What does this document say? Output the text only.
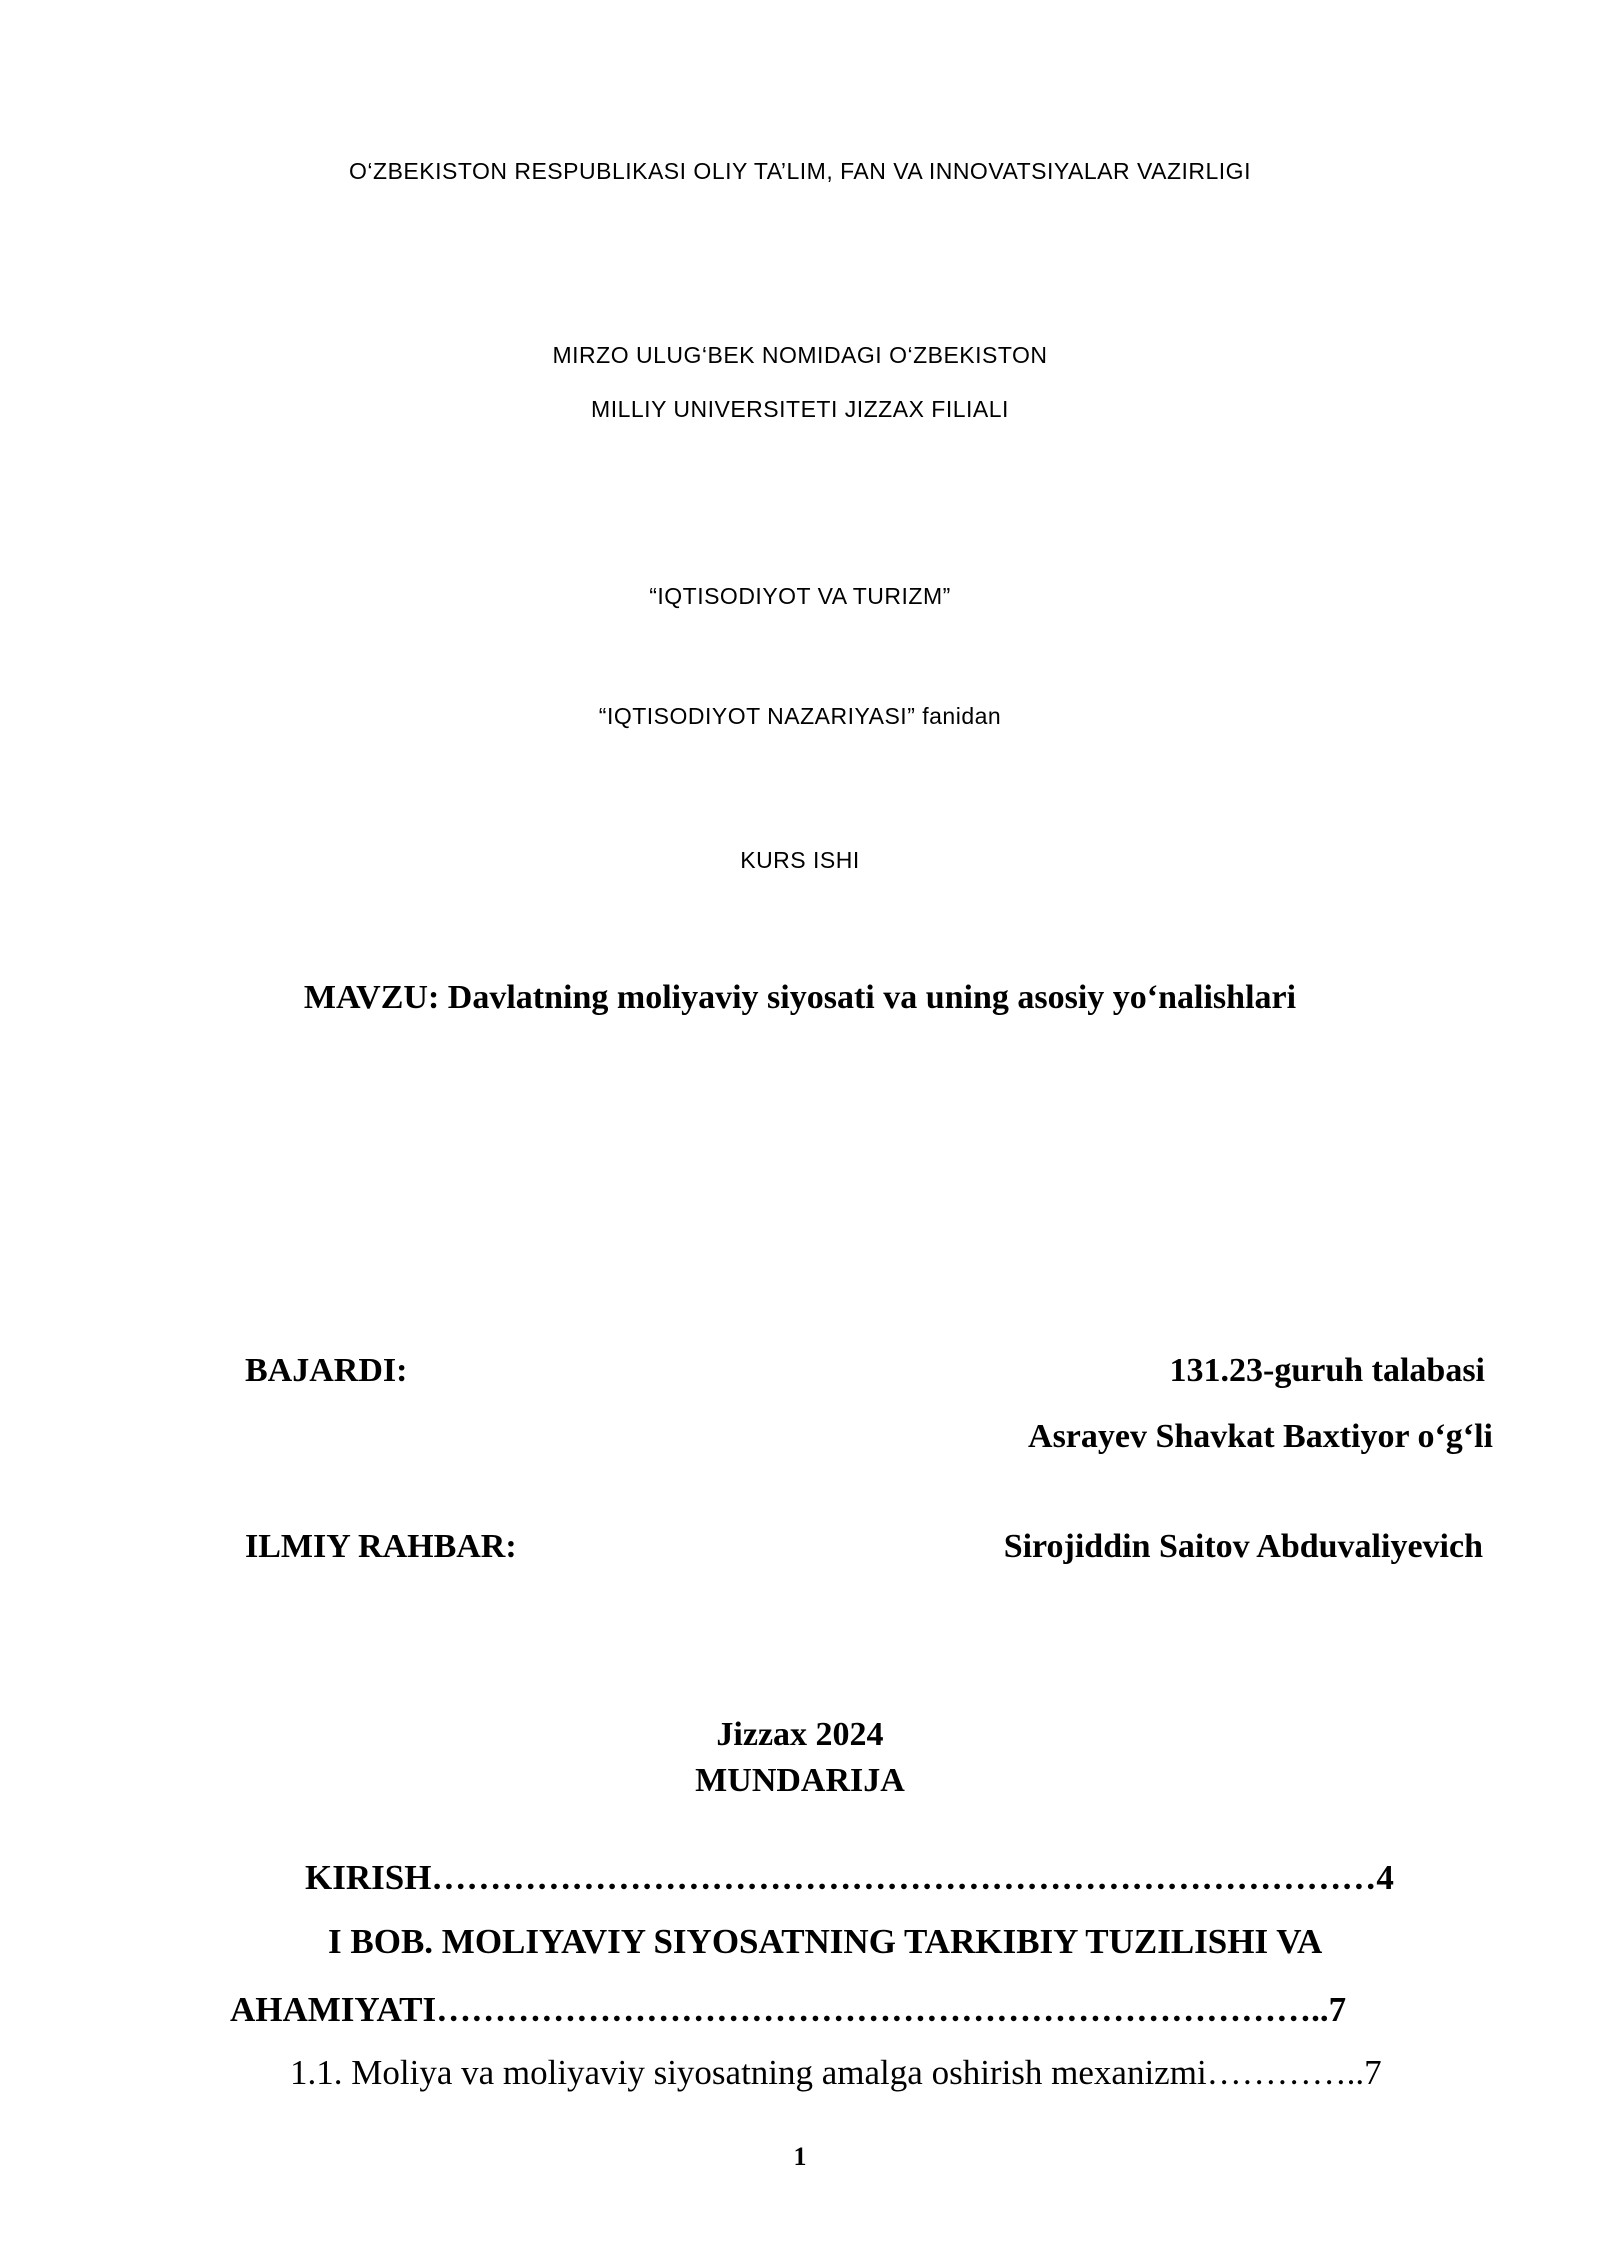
O‘ZBEKISTON RESPUBLIKASI OLIY TA’LIM, FAN VA INNOVATSIYALAR VAZIRLIGI
MIRZO ULUG‘BEK NOMIDAGI O‘ZBEKISTON
MILLIY UNIVERSITETI JIZZAX FILIALI
“IQTISODIYOT VA TURIZM”
“IQTISODIYOT NAZARIYASI” fanidan
KURS ISHI
MAVZU: Davlatning moliyaviy siyosati va uning asosiy yo‘nalishlari
BAJARDI:	131.23-guruh talabasi
Asrayev Shavkat Baxtiyor o‘g‘li
ILMIY RAHBAR:	Sirojiddin Saitov Abduvaliyevich
Jizzax 2024
MUNDARIJA
KIRISH………………………………………………………………………4
I BOB. MOLIYAVIY SIYOSATNING TARKIBIY TUZILISHI VA
AHAMIYATI…………………………………………………………………..7
1.1. Moliya va moliyaviy siyosatning amalga oshirish mexanizmi…………..7
1
